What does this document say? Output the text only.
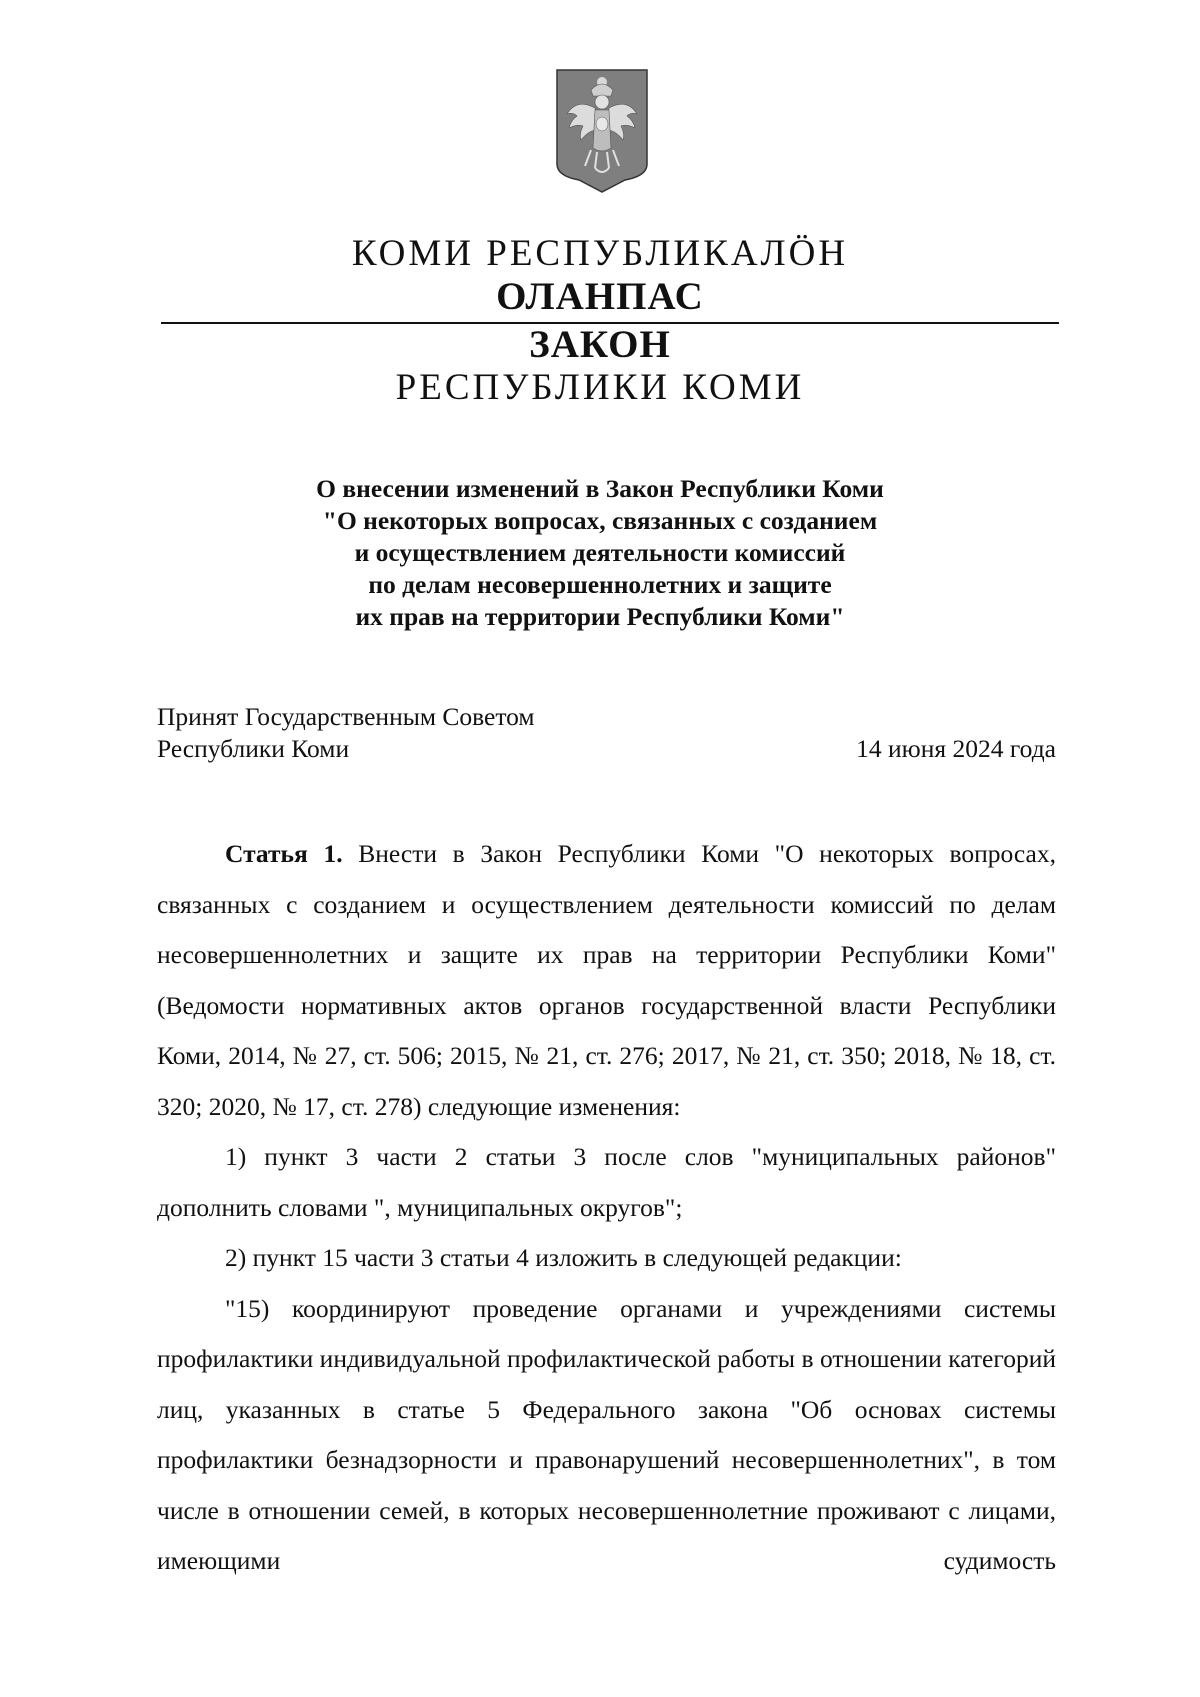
КОМИ РЕСПУБЛИКАЛÖН
ОЛАНПАС
ЗАКОН
РЕСПУБЛИКИ КОМИ
О внесении изменений в Закон Республики Коми
"О некоторых вопросах, связанных с созданием
и осуществлением деятельности комиссий
по делам несовершеннолетних и защите
их прав на территории Республики Коми"
Принят Государственным Советом
Республики Коми	14 июня 2024 года

Статья 1. Внести в Закон Республики Коми "О некоторых вопросах, связанных с созданием и осуществлением деятельности комиссий по делам несовершеннолетних и защите их прав на территории Республики Коми" (Ведомости нормативных актов органов государственной власти Республики Коми, 2014, № 27, ст. 506; 2015, № 21, ст. 276; 2017, № 21, ст. 350; 2018, № 18, ст. 320; 2020, № 17, ст. 278) следующие изменения:

1) пункт 3 части 2 статьи 3 после слов "муниципальных районов" дополнить словами ", муниципальных округов";

2) пункт 15 части 3 статьи 4 изложить в следующей редакции:

"15) координируют проведение органами и учреждениями системы профилактики индивидуальной профилактической работы в отношении категорий лиц, указанных в статье 5 Федерального закона "Об основах системы профилактики безнадзорности и правонарушений несовершеннолетних", в том числе в отношении семей, в которых несовершеннолетние проживают с лицами, имеющими судимость
